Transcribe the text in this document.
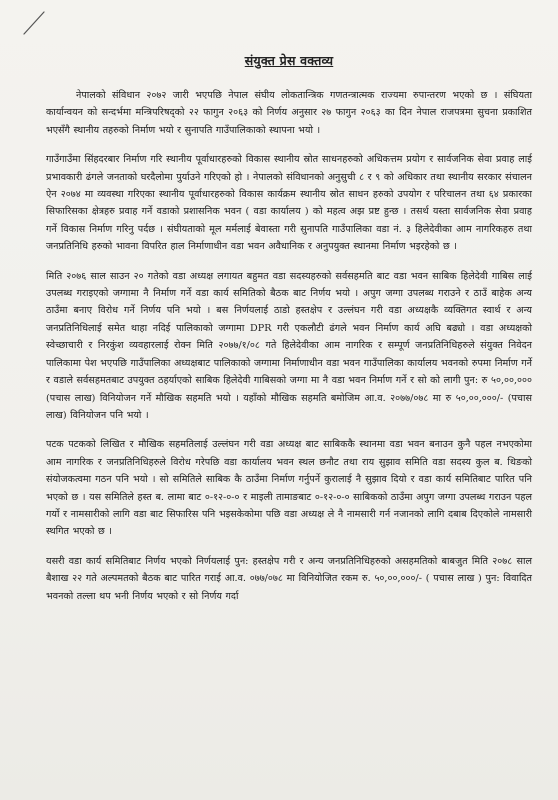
संयुक्त प्रेस वक्तव्य

नेपालको संविधान २०७२ जारी भएपछि नेपाल संघीय लोकतान्त्रिक गणतन्त्रात्मक राज्यमा रुपान्तरण भएको छ । संघियता कार्यान्वयन को सन्दर्भमा मन्त्रिपरिषद्को २२ फागुन २०६३ को निर्णय अनुसार २७ फागुन २०६३ का दिन नेपाल राजपत्रमा सुचना प्रकाशित भएसँगै स्थानीय तहरुको निर्माण भयो र सुनापति गाउँपालिकाको स्थापना भयो ।

गाउँगाउँमा सिंहदरबार निर्माण गरि स्थानीय पूर्वाधारहरुको विकास स्थानीय स्रोत साधनहरुको अधिकत्तम प्रयोग र सार्वजनिक सेवा प्रवाह लाई प्रभावकारी ढंगले जनताको घरदैलोमा पुर्याउने गरिएको हो । नेपालको संविधानको अनुसुची ८ र ९ को अधिकार तथा स्थानीय सरकार संचालन ऐन २०७४ मा व्यवस्था गरिएका स्थानीय पूर्वाधारहरुको विकास कार्यक्रम स्थानीय स्रोत साधन हरुको उपयोग र परिचालन तथा ६४ प्रकारका सिफारिसका क्षेत्रहरु प्रवाह गर्ने वडाको प्रशासनिक भवन ( वडा कार्यालय ) को महत्व अझ प्रष्ट हुन्छ । तसर्थ यस्ता सार्वजनिक सेवा प्रवाह गर्ने विकास निर्माण गरिनु पर्दछ । संघीयताको मूल मर्मलाई बेवास्ता गरी सुनापति गाउँपालिका वडा नं. ३ हिलेदेवीका आम नागरिकहरु तथा जनप्रतिनिधि हरुको भावना विपरित हाल निर्माणाधीन वडा भवन अवैधानिक र अनुपयुक्त स्थानमा निर्माण भइरहेको छ ।

मिति २०७६ साल साउन २० गतेको वडा अध्यक्ष लगायत बहुमत वडा सदस्यहरुको सर्वसहमति बाट वडा भवन साबिक हिलेदेवी गाबिस लाई उपलब्ध गराइएको जग्गामा नै निर्माण गर्ने वडा कार्य समितिको बैठक बाट निर्णय भयो । अपुग जग्गा उपलब्ध गराउने र ठाउँ बाहेक अन्य ठाउँमा बनाए विरोध गर्ने निर्णय पनि भयो । बस निर्णयलाई ठाडो हस्तक्षेप र उल्लंघन गरी वडा अध्यक्षकै व्यक्तिगत स्वार्थ र अन्य जनप्रतिनिधिलाई समेत थाहा नदिई पालिकाको जग्गामा DPR गरी एकलौटी ढंगले भवन निर्माण कार्य अघि बढ्यो । वडा अध्यक्षको स्वेच्छाचारी र निरकुंश व्यवहारलाई रोक्न मिति २०७७/१/०८ गते हिलेदेवीका आम नागरिक र सम्पूर्ण जनप्रतिनिधिहरुले संयुक्त निवेदन पालिकामा पेश भएपछि गाउँपालिका अध्यक्षबाट पालिकाको जग्गामा निर्माणाधीन वडा भवन गाउँपालिका कार्यालय भवनको रुपमा निर्माण गर्ने र वडाले सर्वसहमतबाट उपयुक्त ठहर्याएको साबिक हिलेदेवी गाबिसको जग्गा मा नै वडा भवन निर्माण गर्ने र सो को लागी पुन: रु ५०,००,००० (पचास लाख) विनियोजन गर्ने मौखिक सहमति भयो । यहाँको मौखिक सहमति बमोजिम आ.व. २०७७/०७८ मा रु ५०,००,०००/- (पचास लाख) विनियोजन पनि भयो ।

पटक पटकको लिखित र मौखिक सहमतिलाई उल्लंघन गरी वडा अध्यक्ष बाट साबिककै स्थानमा वडा भवन बनाउन कुनै पहल नभएकोमा आम नागरिक र जनप्रतिनिधिहरुले विरोध गरेपछि वडा कार्यालय भवन स्थल छनौट तथा राय सुझाव समिति वडा सदस्य कुल ब. थिङको संयोजकत्वमा गठन पनि भयो । सो समितिले साबिक कै ठाउँमा निर्माण गर्नुपर्ने कुरालाई नै सुझाव दियो र वडा कार्य समितिबाट पारित पनि भएको छ । यस समितिले हस्त ब. लामा बाट ०-१२-०-० र माइली तामाङबाट ०-१२-०-० साबिकको ठाउँमा अपुग जग्गा उपलब्ध गराउन पहल गर्यो र नामसारीको लागि वडा बाट सिफारिस पनि भइसकेकोमा पछि वडा अध्यक्ष ले नै नामसारी गर्न नजानको लागि दबाब दिएकोले नामसारी स्थगित भएको छ ।

यसरी वडा कार्य समितिबाट निर्णय भएको निर्णयलाई पुन: हस्तक्षेप गरी र अन्य जनप्रतिनिधिहरुको असहमतिको बाबजुत मिति २०७८ साल बैशाख २२ गते अल्पमतको बैठक बाट पारित गराई आ.व. ०७७/०७८ मा विनियोजित रकम रु. ५०,००,०००/- ( पचास लाख ) पुन: विवादित भवनको तल्ला थप भनी निर्णय भएको र सो निर्णय गर्दा
